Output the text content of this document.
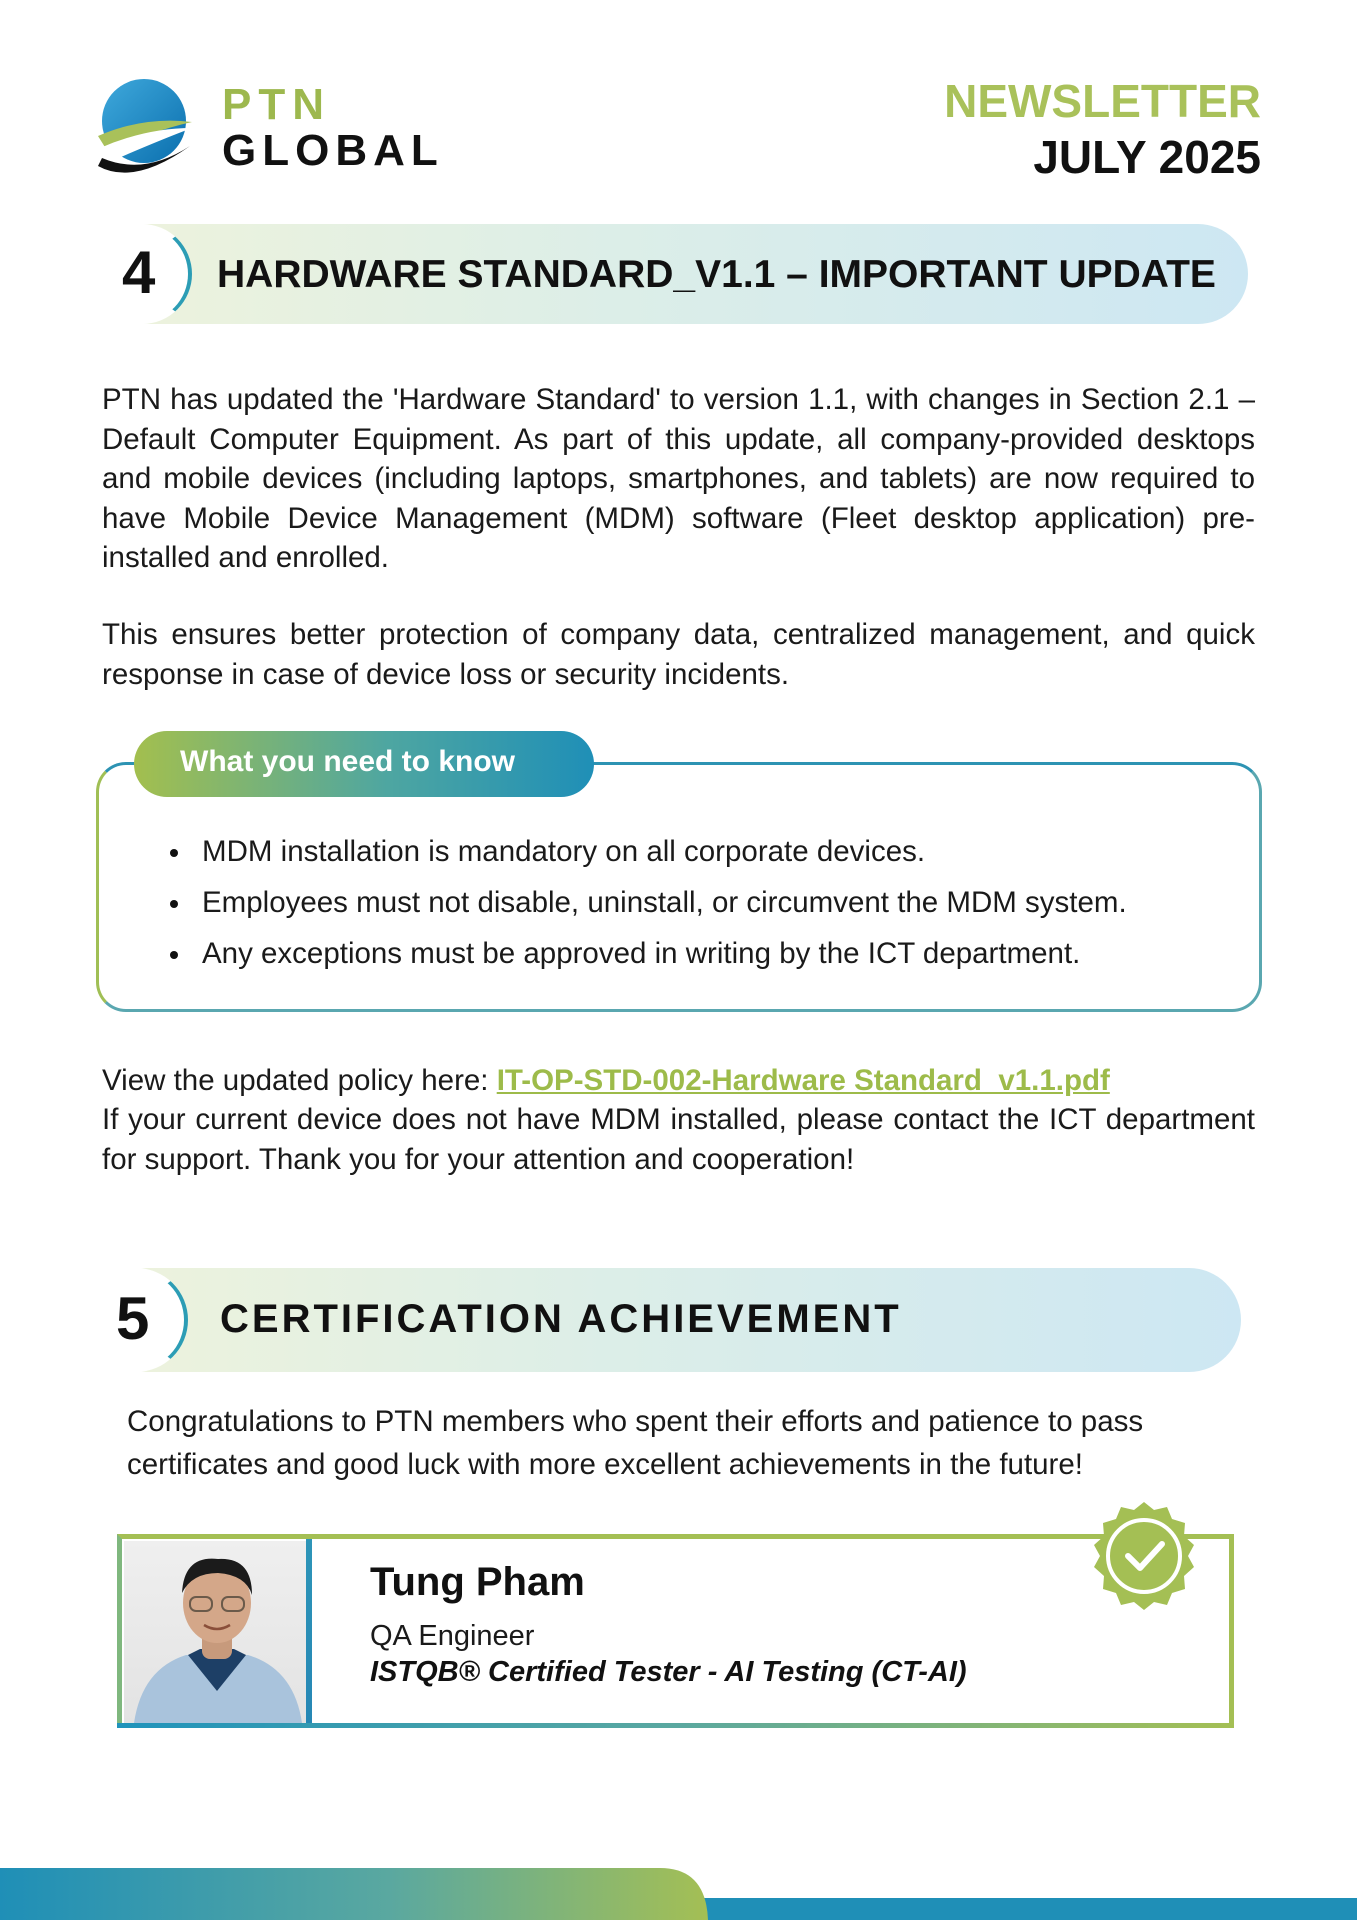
PTN
GLOBAL
NEWSLETTER
JULY 2025
4 HARDWARE STANDARD_V1.1 – IMPORTANT UPDATE
PTN has updated the 'Hardware Standard' to version 1.1, with changes in Section 2.1 – Default Computer Equipment. As part of this update, all company-provided desktops and mobile devices (including laptops, smartphones, and tablets) are now required to have Mobile Device Management (MDM) software (Fleet desktop application) pre-installed and enrolled.
This ensures better protection of company data, centralized management, and quick response in case of device loss or security incidents.
What you need to know
MDM installation is mandatory on all corporate devices.
Employees must not disable, uninstall, or circumvent the MDM system.
Any exceptions must be approved in writing by the ICT department.
View the updated policy here: IT-OP-STD-002-Hardware Standard_v1.1.pdf
If your current device does not have MDM installed, please contact the ICT department for support. Thank you for your attention and cooperation!
5 CERTIFICATION ACHIEVEMENT
Congratulations to PTN members who spent their efforts and patience to pass certificates and good luck with more excellent achievements in the future!
Tung Pham
QA Engineer
ISTQB® Certified Tester - AI Testing (CT-AI)
